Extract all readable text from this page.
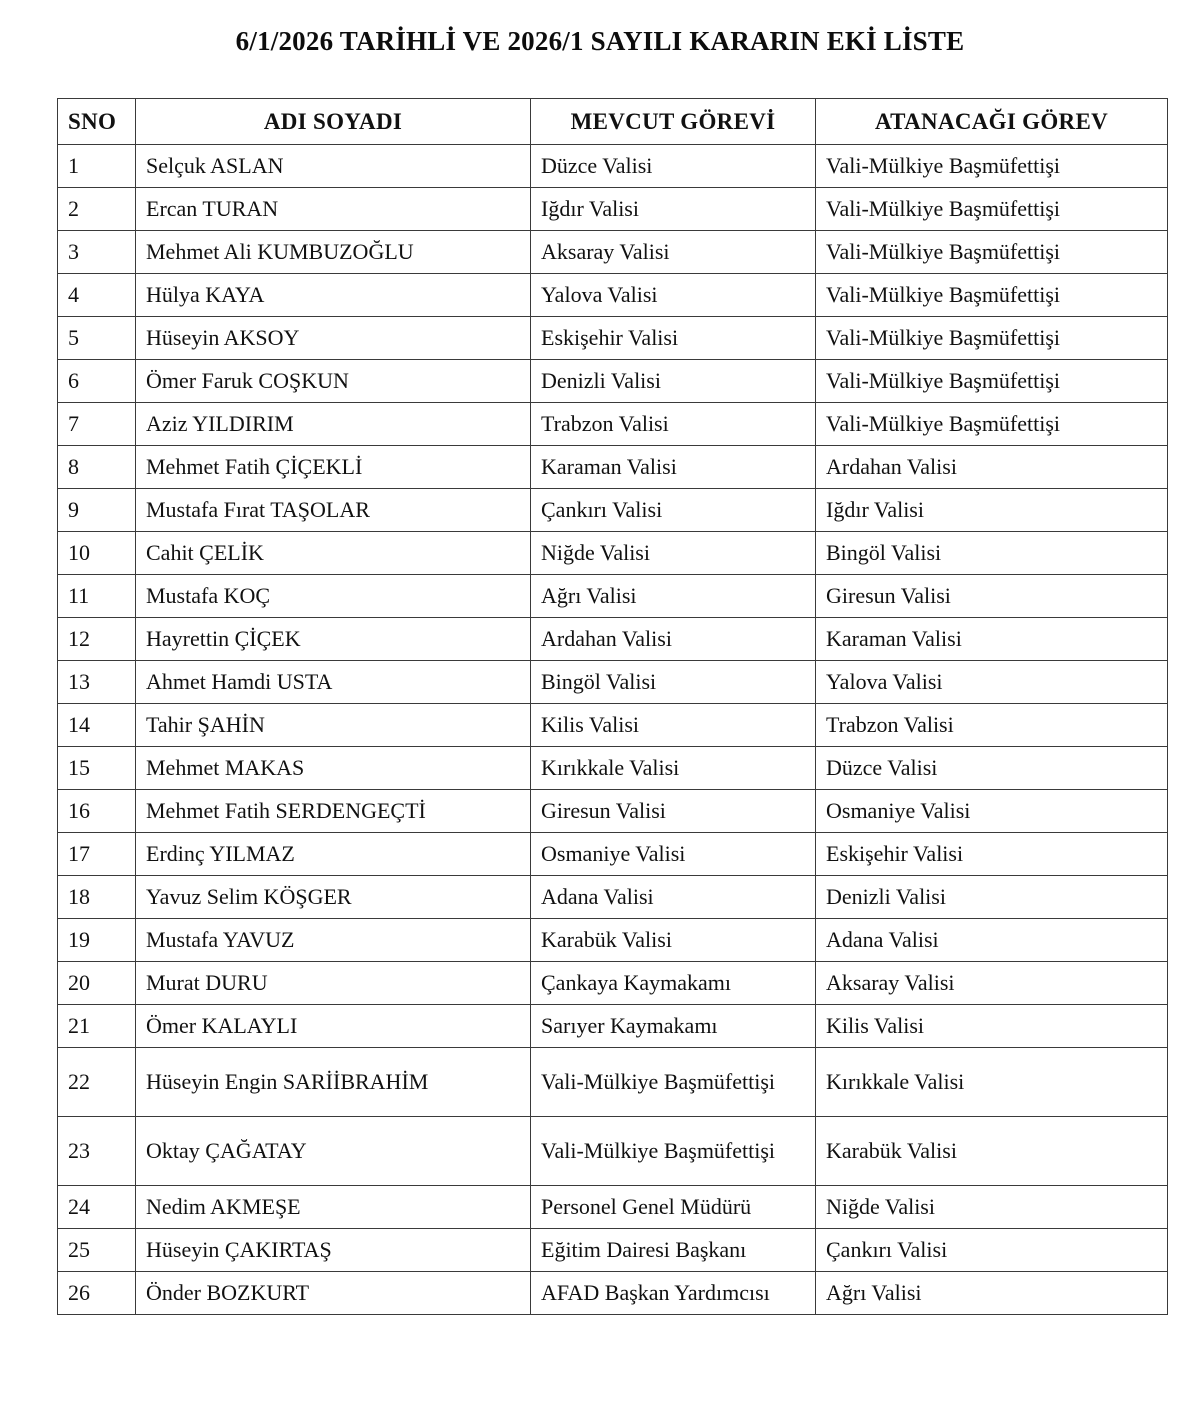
6/1/2026 TARİHLİ VE 2026/1 SAYILI KARARIN EKİ LİSTE
SNO	ADI SOYADI	MEVCUT GÖREVİ	ATANACAĞI GÖREV

1	Selçuk ASLAN	Düzce Valisi	Vali-Mülkiye Başmüfettişi

2	Ercan TURAN	Iğdır Valisi	Vali-Mülkiye Başmüfettişi

3	Mehmet Ali KUMBUZOĞLU	Aksaray Valisi	Vali-Mülkiye Başmüfettişi

4	Hülya KAYA	Yalova Valisi	Vali-Mülkiye Başmüfettişi

5	Hüseyin AKSOY	Eskişehir Valisi	Vali-Mülkiye Başmüfettişi

6	Ömer Faruk COŞKUN	Denizli Valisi	Vali-Mülkiye Başmüfettişi

7	Aziz YILDIRIM	Trabzon Valisi	Vali-Mülkiye Başmüfettişi

8	Mehmet Fatih ÇİÇEKLİ	Karaman Valisi	Ardahan Valisi

9	Mustafa Fırat TAŞOLAR	Çankırı Valisi	Iğdır Valisi

10	Cahit ÇELİK	Niğde Valisi	Bingöl Valisi

11	Mustafa KOÇ	Ağrı Valisi	Giresun Valisi

12	Hayrettin ÇİÇEK	Ardahan Valisi	Karaman Valisi

13	Ahmet Hamdi USTA	Bingöl Valisi	Yalova Valisi

14	Tahir ŞAHİN	Kilis Valisi	Trabzon Valisi

15	Mehmet MAKAS	Kırıkkale Valisi	Düzce Valisi

16	Mehmet Fatih SERDENGEÇTİ	Giresun Valisi	Osmaniye Valisi

17	Erdinç YILMAZ	Osmaniye Valisi	Eskişehir Valisi

18	Yavuz Selim KÖŞGER	Adana Valisi	Denizli Valisi

19	Mustafa YAVUZ	Karabük Valisi	Adana Valisi

20	Murat DURU	Çankaya Kaymakamı	Aksaray Valisi

21	Ömer KALAYLI	Sarıyer Kaymakamı	Kilis Valisi

22	Hüseyin Engin SARİİBRAHİM	Vali-Mülkiye Başmüfettişi	Kırıkkale Valisi

23	Oktay ÇAĞATAY	Vali-Mülkiye Başmüfettişi	Karabük Valisi

24	Nedim AKMEŞE	Personel Genel Müdürü	Niğde Valisi

25	Hüseyin ÇAKIRTAŞ	Eğitim Dairesi Başkanı	Çankırı Valisi

26	Önder BOZKURT	AFAD Başkan Yardımcısı	Ağrı Valisi
